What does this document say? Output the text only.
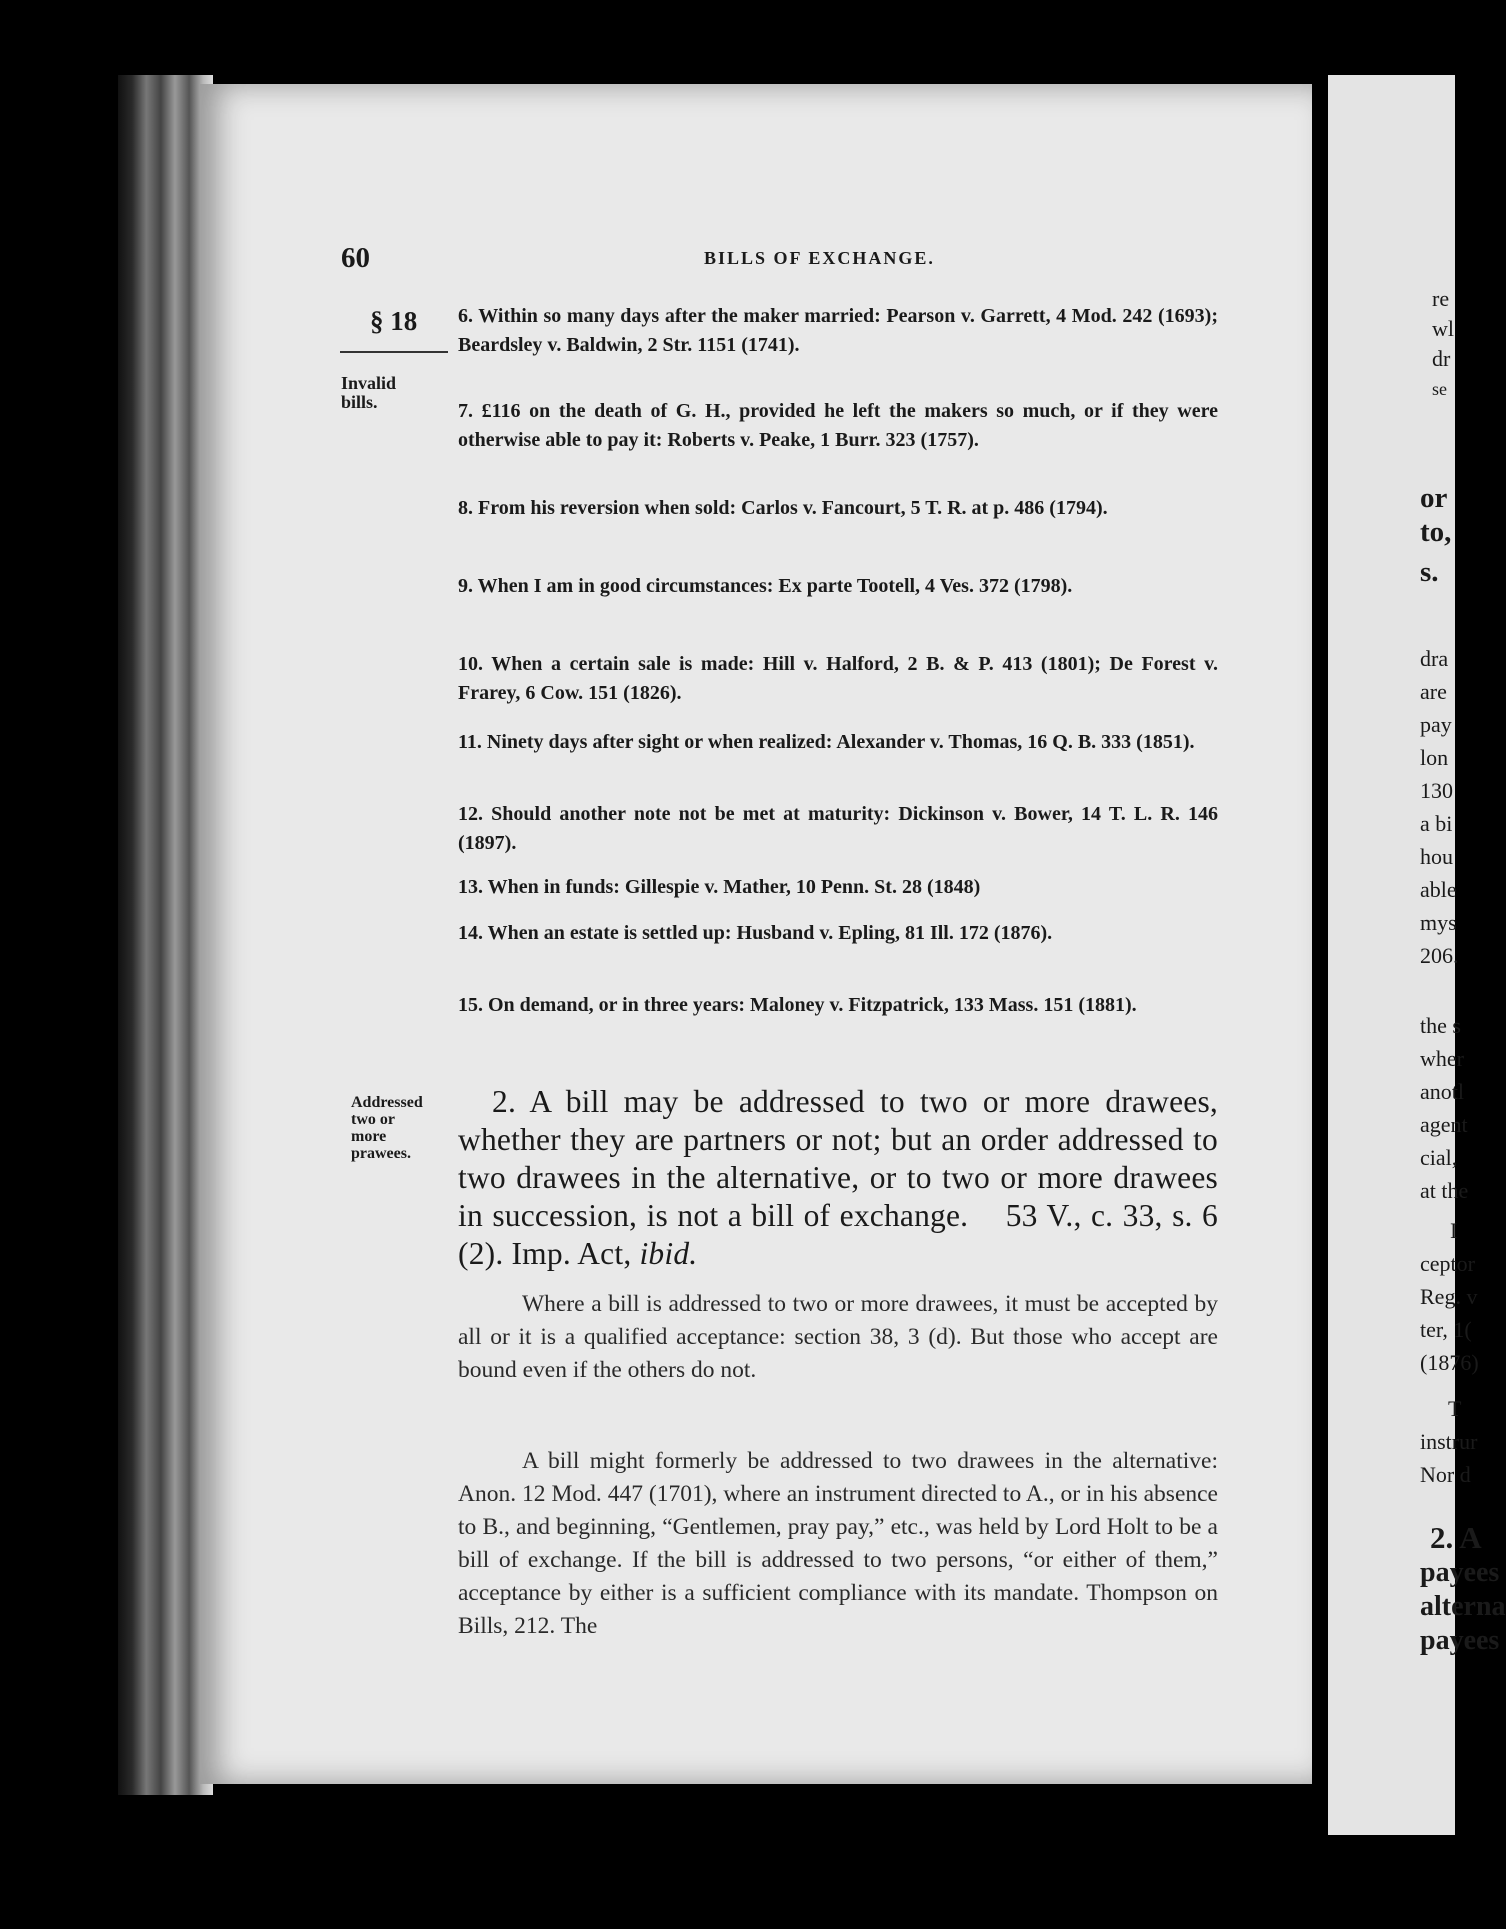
60	BILLS OF EXCHANGE.
§ 18
Invalid
bills.
6. Within so many days after the maker married: Pearson v. Garrett, 4 Mod. 242 (1693); Beardsley v. Baldwin, 2 Str. 1151 (1741).
7. £116 on the death of G. H., provided he left the makers so much, or if they were otherwise able to pay it: Roberts v. Peake, 1 Burr. 323 (1757).
8. From his reversion when sold: Carlos v. Fancourt, 5 T. R. at p. 486 (1794).
9. When I am in good circumstances: Ex parte Tootell, 4 Ves. 372 (1798).
10. When a certain sale is made: Hill v. Halford, 2 B. & P. 413 (1801); De Forest v. Frarey, 6 Cow. 151 (1826).
11. Ninety days after sight or when realized: Alexander v. Thomas, 16 Q. B. 333 (1851).
12. Should another note not be met at maturity: Dickinson v. Bower, 14 T. L. R. 146 (1897).
13. When in funds: Gillespie v. Mather, 10 Penn. St. 28 (1848)
14. When an estate is settled up: Husband v. Epling, 81 Ill. 172 (1876).
15. On demand, or in three years: Maloney v. Fitzpatrick, 133 Mass. 151 (1881).
Addressed
two or
more
prawees.
2. A bill may be addressed to two or more drawees, whether they are partners or not; but an order addressed to two drawees in the alternative, or to two or more drawees in succession, is not a bill of exchange. 53 V., c. 33, s. 6 (2). Imp. Act, ibid.
Where a bill is addressed to two or more drawees, it must be accepted by all or it is a qualified acceptance: section 38, 3 (d). But those who accept are bound even if the others do not.
A bill might formerly be addressed to two drawees in the alternative: Anon. 12 Mod. 447 (1701), where an instrument directed to A., or in his absence to B., and beginning, “Gentlemen, pray pay,” etc., was held by Lord Holt to be a bill of exchange. If the bill is addressed to two persons, “or either of them,” acceptance by either is a sufficient compliance with its mandate. Thompson on Bills, 212. The
re
wl
dr
se
or
to,
s.
dra
are
pay
lon
130
a bi
hou
able
mys
206.
the s
wher
anotl
agent
cial,
at the
I
ceptor
Reg. v
ter, 1(
(1876)
T
instrur
Nor d
2. A
payees
alterna
payees
